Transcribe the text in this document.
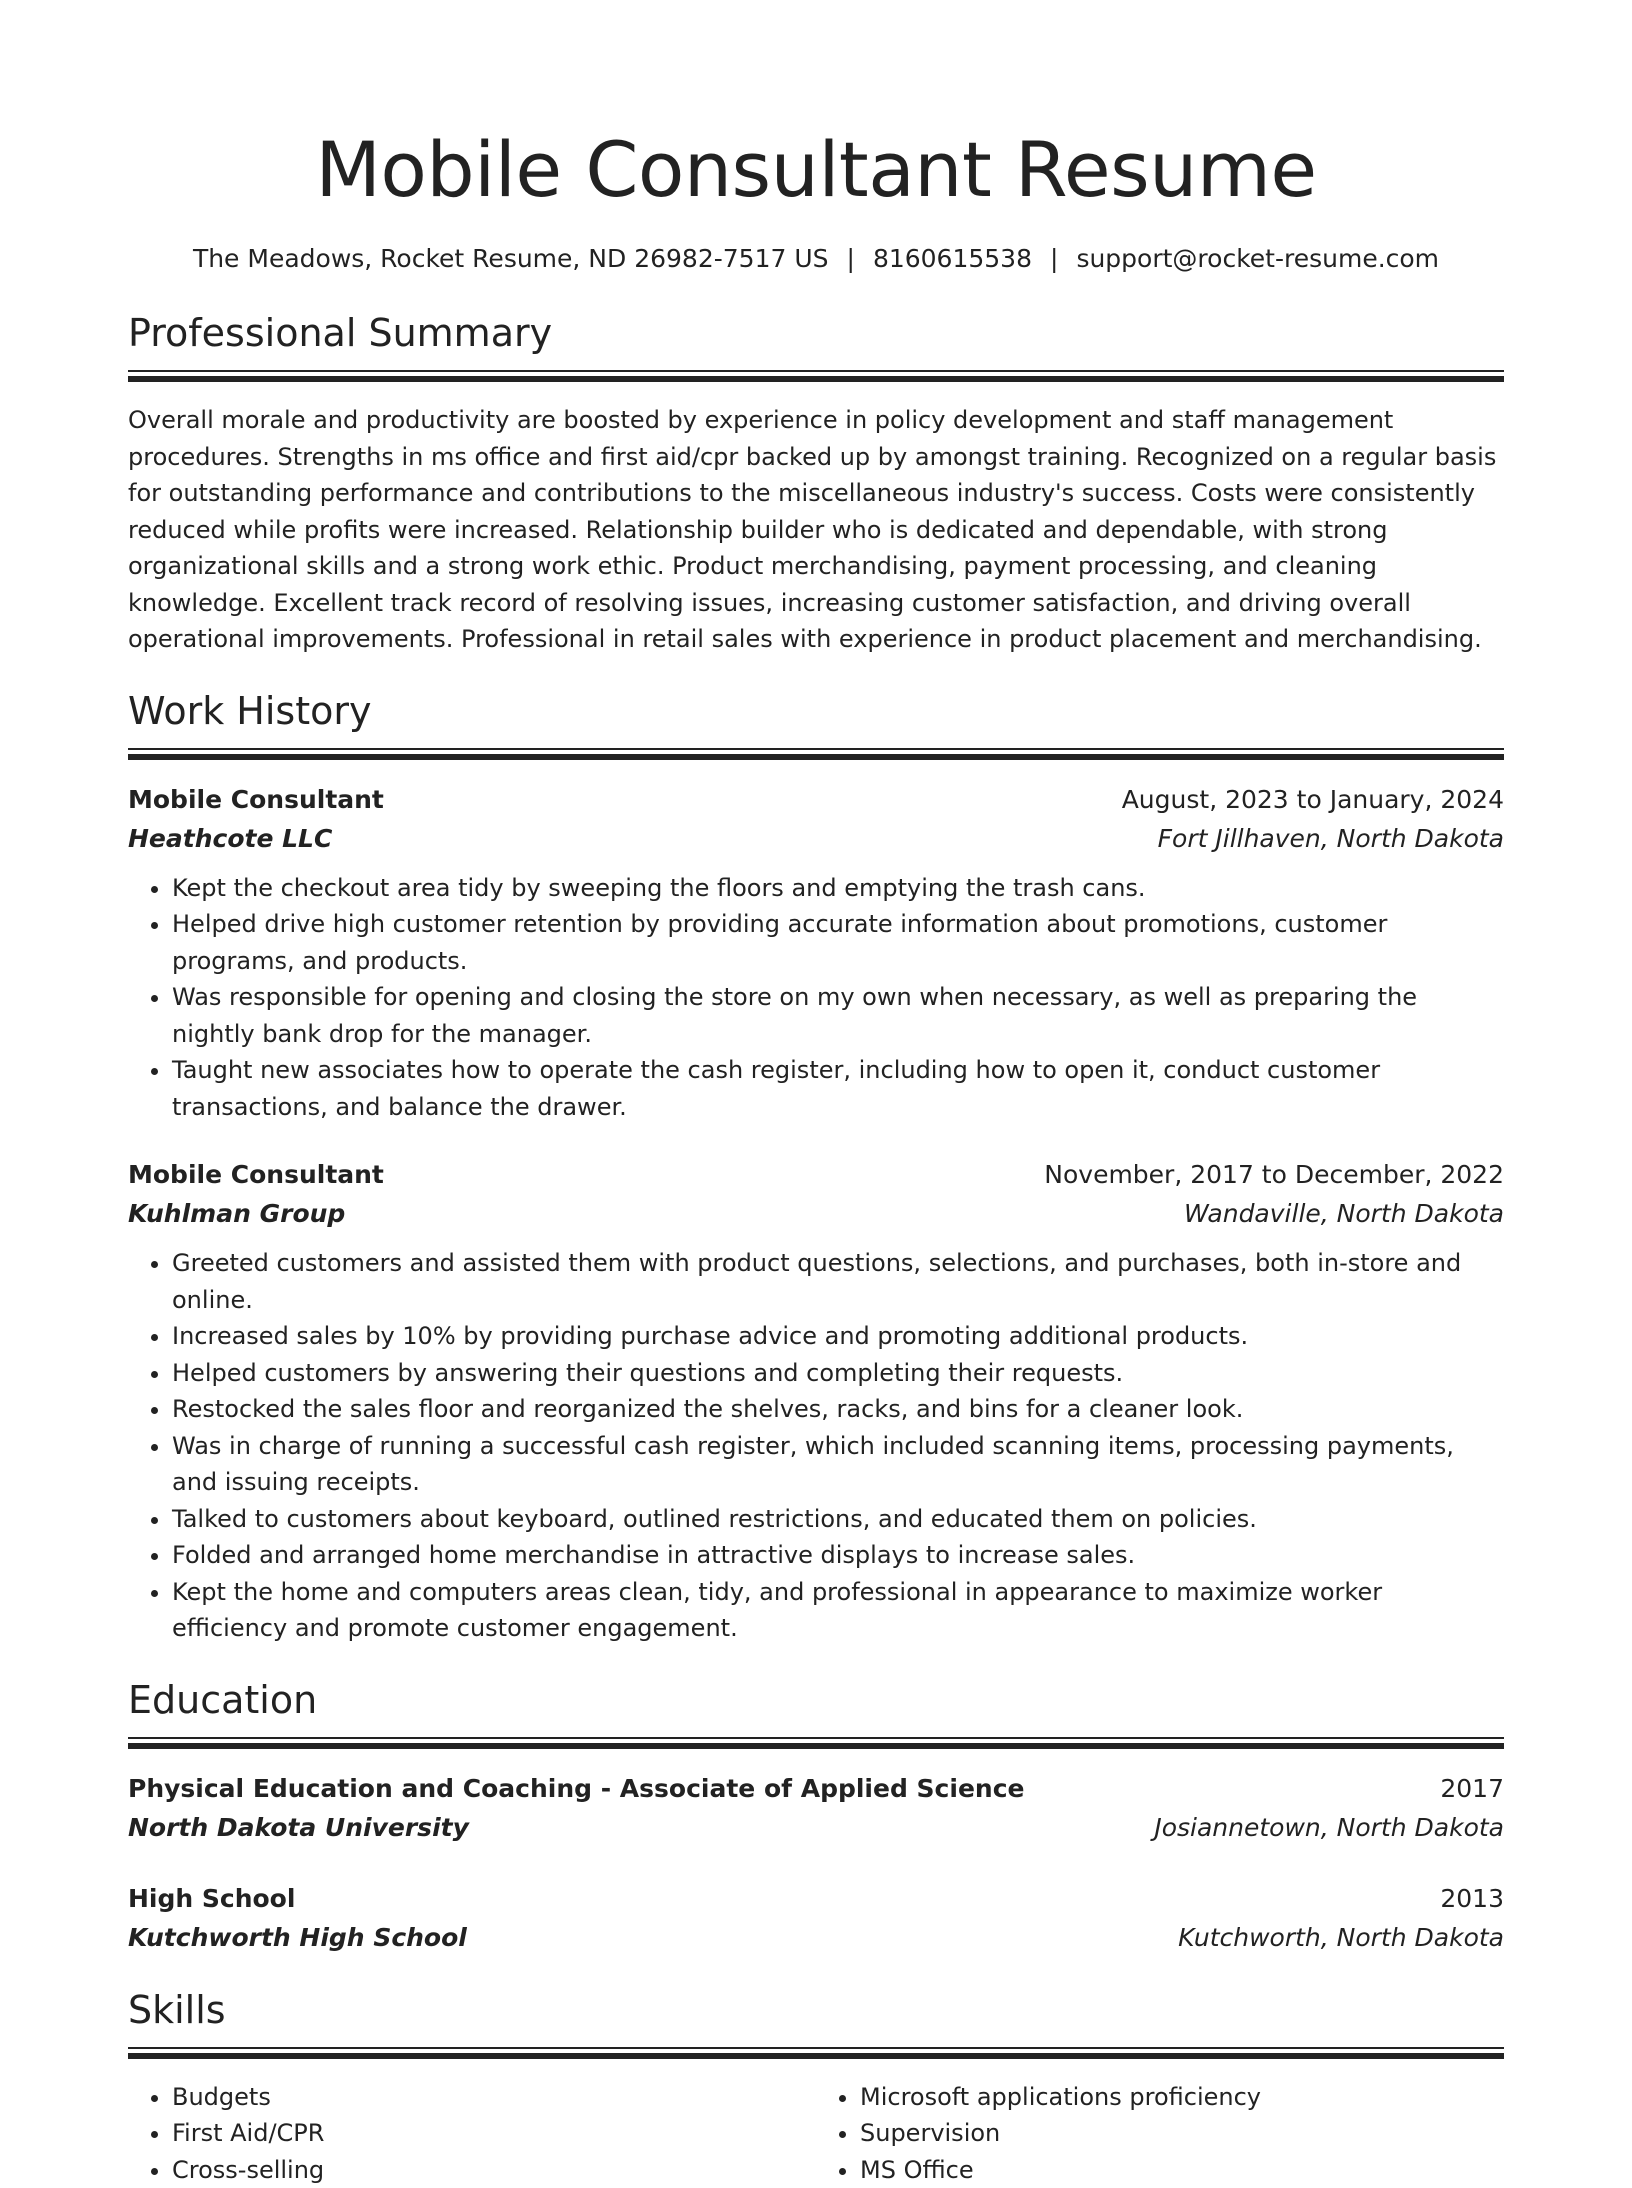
Mobile Consultant Resume
The Meadows, Rocket Resume, ND 26982-7517 US | 8160615538 | support@rocket-resume.com
Professional Summary

Overall morale and productivity are boosted by experience in policy development and staff management procedures. Strengths in ms office and first aid/cpr backed up by amongst training. Recognized on a regular basis for outstanding performance and contributions to the miscellaneous industry's success. Costs were consistently reduced while profits were increased. Relationship builder who is dedicated and dependable, with strong organizational skills and a strong work ethic. Product merchandising, payment processing, and cleaning knowledge. Excellent track record of resolving issues, increasing customer satisfaction, and driving overall operational improvements. Professional in retail sales with experience in product placement and merchandising.

Work History
Mobile Consultant	August, 2023 to January, 2024
Heathcote LLC	Fort Jillhaven, North Dakota
• Kept the checkout area tidy by sweeping the floors and emptying the trash cans.
• Helped drive high customer retention by providing accurate information about promotions, customer programs, and products.
• Was responsible for opening and closing the store on my own when necessary, as well as preparing the nightly bank drop for the manager.
• Taught new associates how to operate the cash register, including how to open it, conduct customer transactions, and balance the drawer.
Mobile Consultant	November, 2017 to December, 2022
Kuhlman Group	Wandaville, North Dakota
• Greeted customers and assisted them with product questions, selections, and purchases, both in-store and online.
• Increased sales by 10% by providing purchase advice and promoting additional products.
• Helped customers by answering their questions and completing their requests.
• Restocked the sales floor and reorganized the shelves, racks, and bins for a cleaner look.
• Was in charge of running a successful cash register, which included scanning items, processing payments, and issuing receipts.
• Talked to customers about keyboard, outlined restrictions, and educated them on policies.
• Folded and arranged home merchandise in attractive displays to increase sales.
• Kept the home and computers areas clean, tidy, and professional in appearance to maximize worker efficiency and promote customer engagement.
Education
Physical Education and Coaching - Associate of Applied Science	2017
North Dakota University	Josiannetown, North Dakota
High School	2013
Kutchworth High School	Kutchworth, North Dakota
Skills
• Budgets
• First Aid/CPR
• Cross-selling
• Microsoft applications proficiency
• Supervision
• MS Office
